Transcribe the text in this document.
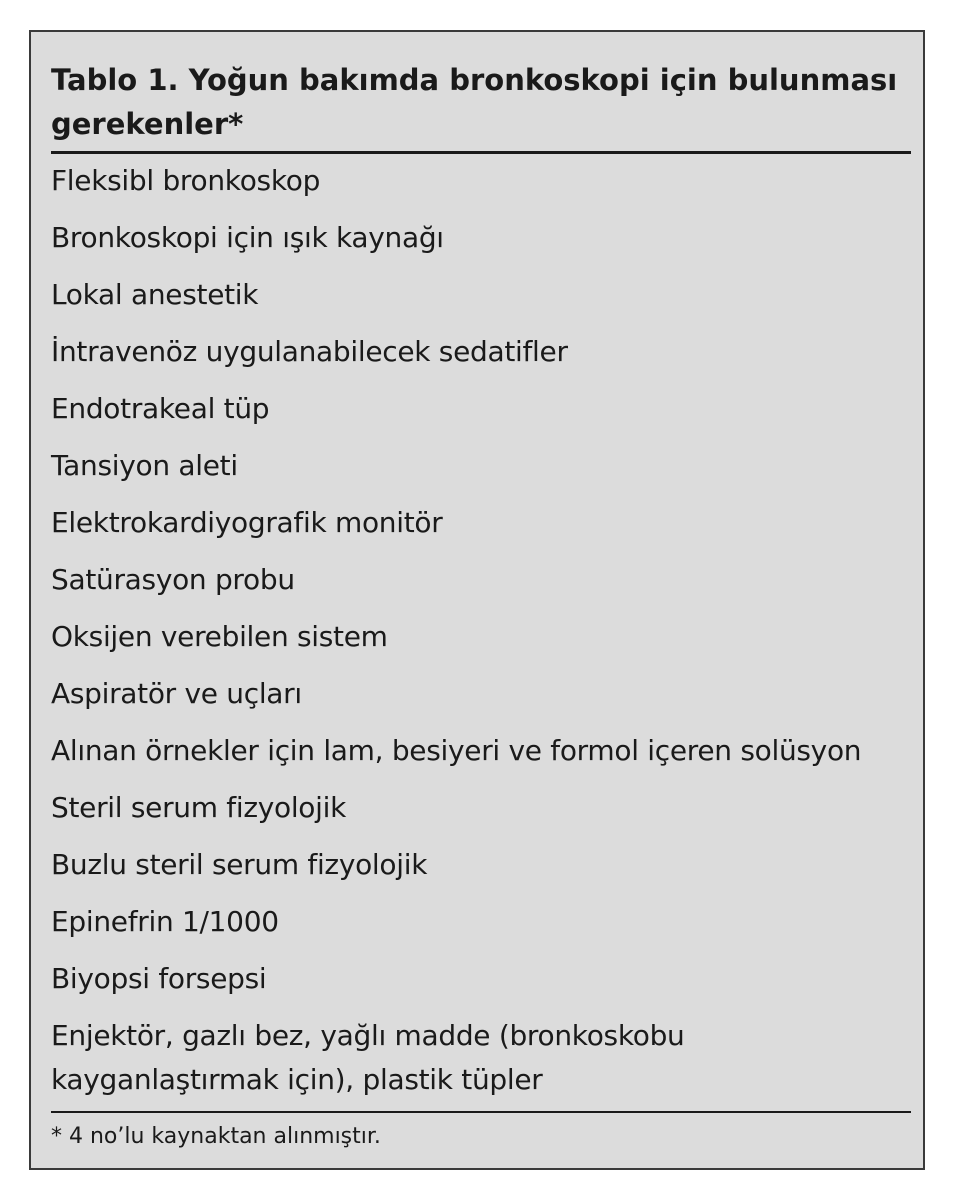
Tablo 1. Yoğun bakımda bronkoskopi için bulunması gerekenler*
Fleksibl bronkoskop
Bronkoskopi için ışık kaynağı
Lokal anestetik
İntravenöz uygulanabilecek sedatifler
Endotrakeal tüp
Tansiyon aleti
Elektrokardiyografik monitör
Satürasyon probu
Oksijen verebilen sistem
Aspiratör ve uçları
Alınan örnekler için lam, besiyeri ve formol içeren solüsyon
Steril serum fizyolojik
Buzlu steril serum fizyolojik
Epinefrin 1/1000
Biyopsi forsepsi
Enjektör, gazlı bez, yağlı madde (bronkoskobu kayganlaştırmak için), plastik tüpler

* 4 no’lu kaynaktan alınmıştır.
